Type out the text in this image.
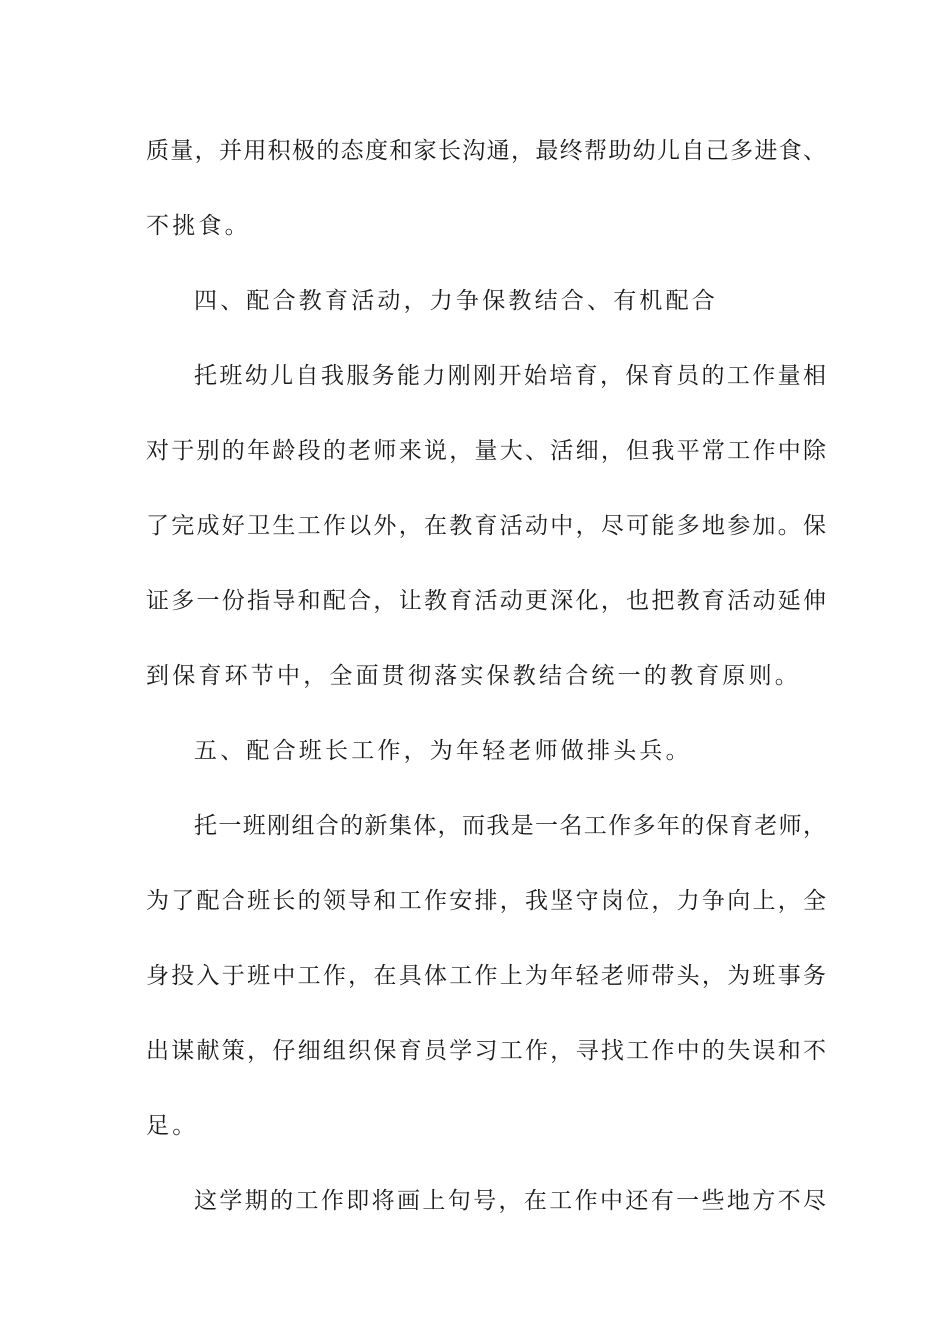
质量，并用积极的态度和家长沟通，最终帮助幼儿自己多进食、
不挑食。
四、配合教育活动，力争保教结合、有机配合
托班幼儿自我服务能力刚刚开始培育，保育员的工作量相
对于别的年龄段的老师来说，量大、活细，但我平常工作中除
了完成好卫生工作以外，在教育活动中，尽可能多地参加。保
证多一份指导和配合，让教育活动更深化，也把教育活动延伸
到保育环节中，全面贯彻落实保教结合统一的教育原则。
五、配合班长工作，为年轻老师做排头兵。
托一班刚组合的新集体，而我是一名工作多年的保育老师，
为了配合班长的领导和工作安排，我坚守岗位，力争向上，全
身投入于班中工作，在具体工作上为年轻老师带头，为班事务
出谋献策，仔细组织保育员学习工作，寻找工作中的失误和不
足。
这学期的工作即将画上句号，在工作中还有一些地方不尽
